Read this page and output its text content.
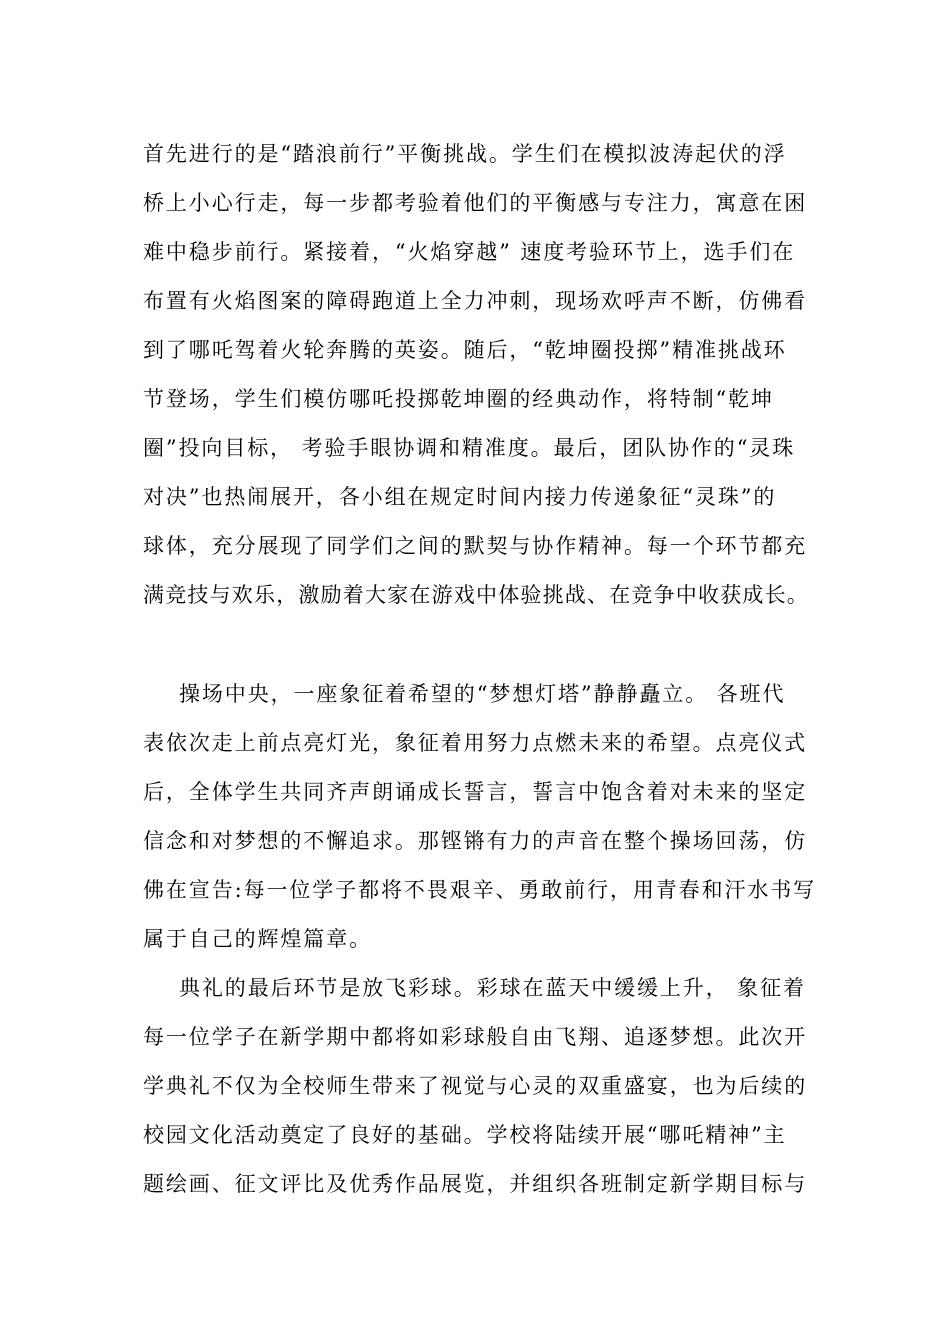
首先进行的是“踏浪前行”平衡挑战。学生们在模拟波涛起伏的浮
桥上小心行走，每一步都考验着他们的平衡感与专注力，寓意在困
难中稳步前行。紧接着，“火焰穿越” 速度考验环节上，选手们在
布置有火焰图案的障碍跑道上全力冲刺，现场欢呼声不断，仿佛看
到了哪吒驾着火轮奔腾的英姿。随后，“乾坤圈投掷”精准挑战环
节登场，学生们模仿哪吒投掷乾坤圈的经典动作，将特制“乾坤
圈”投向目标， 考验手眼协调和精准度。最后，团队协作的“灵珠
对决”也热闹展开，各小组在规定时间内接力传递象征“灵珠”的
球体，充分展现了同学们之间的默契与协作精神。每一个环节都充
满竞技与欢乐，激励着大家在游戏中体验挑战、在竞争中收获成长。
操场中央，一座象征着希望的“梦想灯塔”静静矗立。 各班代
表依次走上前点亮灯光，象征着用努力点燃未来的希望。点亮仪式
后，全体学生共同齐声朗诵成长誓言，誓言中饱含着对未来的坚定
信念和对梦想的不懈追求。那铿锵有力的声音在整个操场回荡，仿
佛在宣告:每一位学子都将不畏艰辛、勇敢前行，用青春和汗水书写
属于自己的辉煌篇章。
典礼的最后环节是放飞彩球。彩球在蓝天中缓缓上升， 象征着
每一位学子在新学期中都将如彩球般自由飞翔、追逐梦想。此次开
学典礼不仅为全校师生带来了视觉与心灵的双重盛宴，也为后续的
校园文化活动奠定了良好的基础。学校将陆续开展“哪吒精神”主
题绘画、征文评比及优秀作品展览，并组织各班制定新学期目标与
